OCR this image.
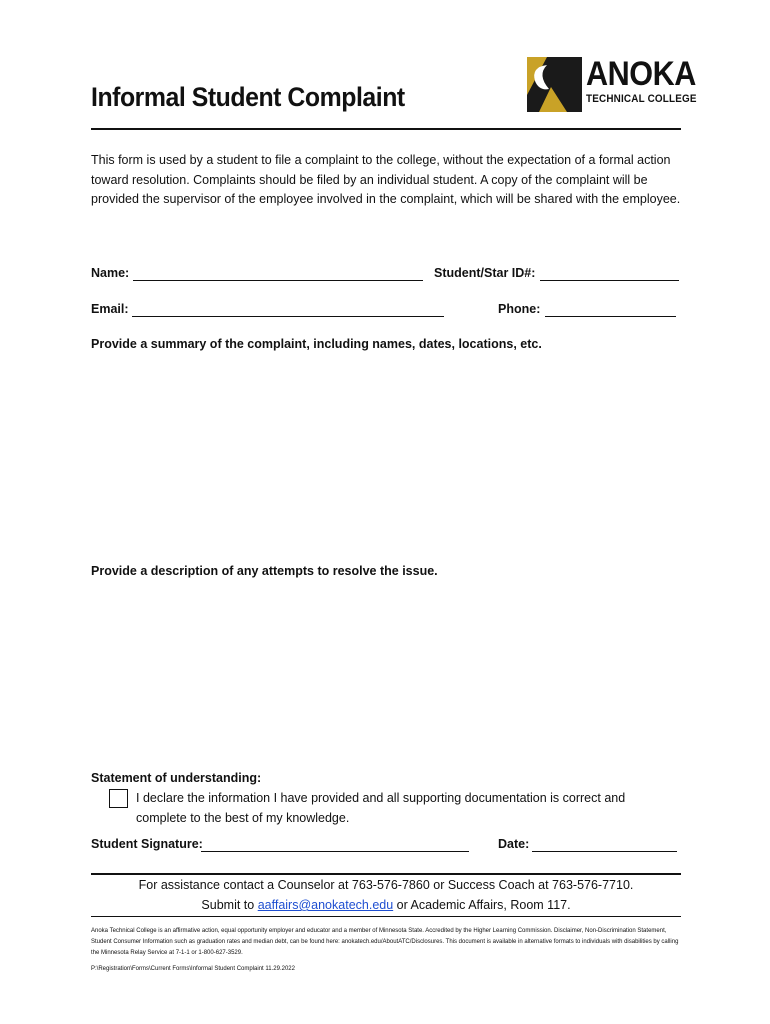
Informal Student Complaint
ANOKA
TECHNICAL COLLEGE
This form is used by a student to file a complaint to the college, without the expectation of a formal action toward resolution. Complaints should be filed by an individual student. A copy of the complaint will be provided the supervisor of the employee involved in the complaint, which will be shared with the employee.
Name:	Student/Star ID#:
Email:	Phone:
Provide a summary of the complaint, including names, dates, locations, etc.
Provide a description of any attempts to resolve the issue.
Statement of understanding:
I declare the information I have provided and all supporting documentation is correct and complete to the best of my knowledge.
Student Signature:	Date:
For assistance contact a Counselor at 763-576-7860 or Success Coach at 763-576-7710.
Submit to aaffairs@anokatech.edu or Academic Affairs, Room 117.
Anoka Technical College is an affirmative action, equal opportunity employer and educator and a member of Minnesota State. Accredited by the Higher Learning Commission. Disclaimer, Non-Discrimination Statement, Student Consumer Information such as graduation rates and median debt, can be found here: anokatech.edu/AboutATC/Disclosures. This document is available in alternative formats to individuals with disabilities by calling the Minnesota Relay Service at 7-1-1 or 1-800-627-3529.
P:\Registration\Forms\Current Forms\Informal Student Complaint 11.29.2022
